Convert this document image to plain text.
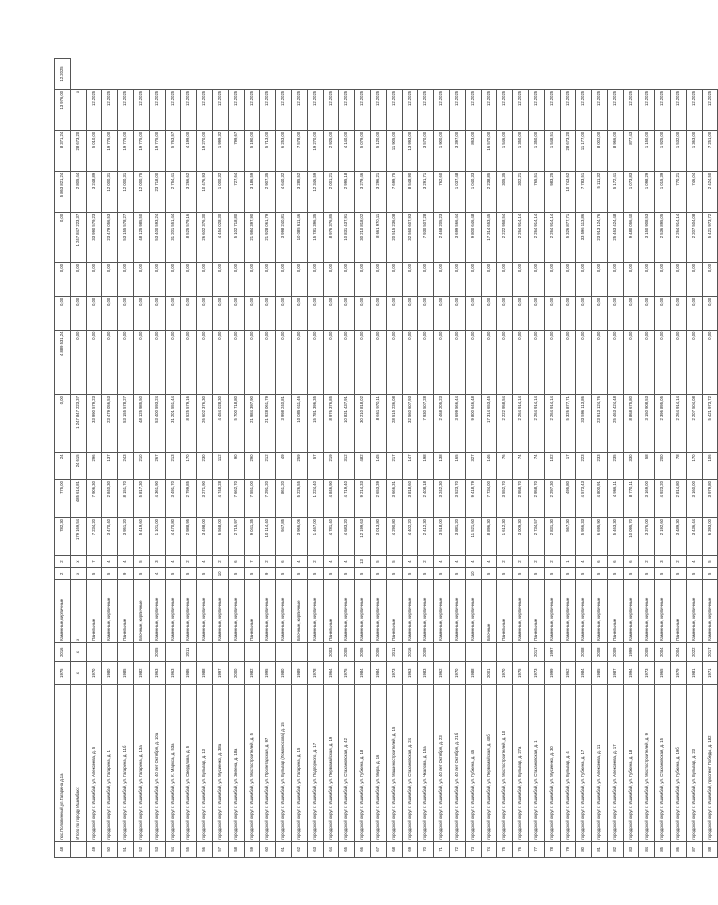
48	пос.Половинный,ул.Гагарина д.1а	1975	2016	Каменные,кирпичные	2	2	782,30	775,00	24	0,00	4 889 531,24	0,00	0,00	0,00	5 863 821,24	8 371,24	13 976,00	12.2025
	Итого по городу Ишимбаю:	х	х	х	х	х	179 169,54	485 614,81	24 615	1 247 847 223,37	0,00	0,00	0,00	1 247 847 223,37	2 805,44	28 673,20	х	
49	городской округ г. Ишимбай, ул. Алексеева, д. 5	1970		Панельные	5	7	7 234,20	7 906,30	296	33 990 579,23	0,00	0,00	0,00	33 990 579,23	3 248,89	5 010,00	12.2025	
50	городской округ г. Ишимбай, ул. Гагарина, д. 1	1980		Каменные, кирпичные	5	4	3 470,40	2 840,30	137	23 479 056,53	0,00	0,00	0,00	23 479 056,53	12 000,31	19 775,00	12.2025	
51	городской округ г. Ишимбай, ул. Гагарина, д. 11б	1985		Панельные	9	4	3 951,20	8 151,70	243	53 155 578,27	0,00	0,00	0,00	53 155 578,27	12 000,31	19 775,00	12.2025	
52	городской округ г. Ишимбай, ул. Гагарина, д. 13а	1982		Блочные, кирпичные	5	5	5 419,60	5 817,30	210	48 125 985,50	0,00	0,00	0,00	48 125 985,50	12 000,75	19 775,00	12.2025	
53	городской округ г. Ишимбай, ул. 40 лет Октября, д. 10а	1963	2005	Каменные, кирпичные	4	3	1 101,00	4 361,90	267	53 400 593,24	0,00	0,00	0,00	53 400 593,24	23 718,00	19 775,00	12.2025	
54	городской округ г. Ишимбай, ул. К. Маркса, д. 53а	1963		Каменные, кирпичные	5	4	4 470,80	3 491,70	213	31 201 551,44	0,00	0,00	0,00	31 201 551,44	2 754,41	5 763,57	12.2025	
55	городской округ г. Ишимбай, ул. Свердлова, д. 5	1986	2011	Каменные, кирпичные	5	2	2 988,95	2 799,85	170	8 525 579,16	0,00	0,00	0,00	8 525 579,16	3 266,62	4 199,00	12.2025	
56	городской округ г. Ишимбай, ул. Бульвар, д. 13	1988		Каменные, кирпичные	5	4	3 498,00	3 271,90	230	26 602 376,30	0,00	0,00	0,00	26 602 376,30	10 476,93	19 270,00	12.2025	
57	городской округ г. Ишимбай, ул. Мусиенко, д. 38а	1997		Каменные, кирпичные	10	2	6 568,00	4 748,28	112	4 454 028,30	0,00	0,00	0,00	4 454 028,30	1 000,32	1 999,32	12.2025	
58	городской округ г. Ишимбай, ул. Зелена, д. 18а	2000		Каменные, кирпичные	5	6	2 715,97	7 662,70	90	5 700 718,80	0,00	0,00	0,00	5 102 718,80	727,64	799,67	12.2025	
59	городской округ г. Ишимбай, ул. Мостостроителей, д. 5	1982		Панельные	5	7	9 041,35	7 551,00	290	21 984 397,90	0,00	0,00	0,00	21 984 397,90	3 186,59	5 190,00	12.2025	
60	городской округ г. Ишимбай, ул. Пролетарская, д. 97	1995		Каменные, кирпичные	9	2	10 114,40	7 291,20	212	21 928 061,79	0,00	0,00	0,00	21 928 061,79	2 907,35	5 713,00	12.2025	
61	городской округ г. Ишимбай, ул. Бульвар (Ломоносова) д. 15	1980		Каменные, кирпичные	5	6	947,85	861,20	49	3 998 240,81	0,00	0,00	0,00	3 998 240,81	4 640,32	6 253,00	12.2025	
62	городской округ г. Ишимбай, ул. Гагарина, д. 15	1989		Блочные, кирпичные	5	4	3 966,06	5 226,55	259	10 085 611,46	0,00	0,00	0,00	10 085 611,46	3 285,52	7 578,00	12.2025	
63	городской округ г. Ишимбай, ул. Подгорного, д. 17	1978		Каменные, кирпичные	5	2	1 467,00	1 224,40	57	15 781 396,35	0,00	0,00	0,00	15 781 396,35	12 346,59	19 270,00	12.2025	
64	городской округ г. Ишимбай, ул. Первомайская, д. 19	1964	2003	Панельные	5	4	4 781,40	4 846,90	219	8 976 376,85	0,00	0,00	0,00	8 976 376,85	2 001,21	2 925,00	12.2025	
65	городской округ г. Ишимбай, ул. Стахановская, д. 42	1975	2005	Каменные, кирпичные	5	4	4 683,20	4 719,40	312	10 831 437,91	0,00	0,00	0,00	10 831 437,91	2 995,18	4 140,00	12.2025	
66	городской округ г. Ишимбай, ул. Губкина, д. 18	1984	2006	Каменные, кирпичные	5	13	12 199,63	9 214,33	482	30 210 818,02	0,00	0,00	0,00	30 210 818,02	3 279,46	5 079,00	12.2025	
67	городской округ г. Ишимбай, ул. Мира, д. 16	1984	2006	Каменные, кирпичные	5	5	3 013,80	2 653,39	145	8 661 970,11	0,00	0,00	0,00	8 661 970,11	3 296,21	5 120,00	12.2025	
68	городской округ г. Ишимбай, ул. Машиностроителей, д. 15	1973	2011	Панельные	5	5	4 290,80	3 666,31	217	28 515 236,08	0,00	0,00	0,00	20 515 236,08	7 699,75	11 905,00	12.2025	
69	городской округ г. Ишимбай, ул. Стахановская, д. 24	1963	2016	Каменные, кирпичные	5	4	4 402,20	3 818,60	147	32 560 607,93	0,00	0,00	0,00	32 560 607,93	8 548,90	13 993,00	12.2025	
70	городской округ г. Ишимбай, ул. Чкалова, д. 15а	1983	2009	Каменные, кирпичные	5	2	2 412,30	2 408,18	198	7 930 507,28	0,00	0,00	0,00	7 930 507,28	3 291,71	3 570,00	12.2025	
71	городской округ г. Ишимбай, ул. 40 лет Октября, д. 23	1962		Каменные, кирпичные	5	4	3 518,00	3 242,30	138	2 468 205,23	0,00	0,00	0,00	2 468 205,23	762,60	1 900,00	12.2025	
72	городской округ г. Ишимбай, ул. 40 лет Октября, д. 21б	1970		Каменные, кирпичные	5	4	3 881,20	3 523,70	165	3 699 566,44	0,00	0,00	0,00	3 699 566,44	1 037,48	3 397,00	12.2025	
73	городской округ г. Ишимбай, ул. Губкина, д. 45	1988		Каменные, кирпичные	10	4	11 521,60	9 418,79	327	9 800 646,48	0,00	0,00	0,00	9 800 646,48	1 040,33	863,00	12.2025	
74	городской округ г. Ишимбай, ул. Первомайская, д. 40б	2001		Блочные	5	4	8 896,30	7 734,00	146	17 314 653,45	0,00	0,00	0,00	17 314 653,45	2 238,85	16 570,00	12.2025	
75	городской округ г. Ишимбай, ул. Мостостроителей, д. 10	1970		Панельные	5	2	1 612,30	3 552,70	76	2 222 958,54	0,00	0,00	0,00	2 222 958,54	305,35	1 546,00	12.2025	
76	городской округ г. Ишимбай, ул. Бульвар, д. 27а	1975		Каменные, кирпичные	5	2	3 009,30	2 958,70	74	2 264 914,14	0,00	0,00	0,00	2 264 914,14	302,21	1 350,00	12.2025	
77	городской округ г. Ишимбай, ул. Стахановская, д. 1	1973	2017	Панельные	5	2	2 734,57	2 958,70	74	2 264 914,14	0,00	0,00	0,00	2 264 914,14	765,51	1 350,00	12.2025	
78	городской округ г. Ишимбай, ул. Мусиенко, д. 30	1999	1997	Каменные, кирпичные	5	2	2 831,30	2 297,30	102	2 264 914,14	0,00	0,00	0,00	2 264 914,14	983,25	1 548,51	12.2025	
79	городской округ г. Ишимбай, ул. Бульвар, д. 4	1962		Каменные, кирпичные	5	1	567,30	495,80	17	5 326 877,71	0,00	0,00	0,00	5 326 877,71	10 743,62	28 673,20	12.2025	
80	городской округ г. Ишимбай, ул. Губкина, д. 17	1984	2008	Каменные, кирпичные	5	4	5 956,33	4 573,43	223	33 596 113,86	0,00	0,00	0,00	33 596 113,86	7 783,51	11 177,00	12.2025	
81	городской округ г. Ишимбай, ул. Алексеева, д. 11	1985	2008	Каменные, кирпичные	5	6	6 695,90	4 800,91	233	23 913 124,76	0,00	0,00	0,00	23 913 124,76	5 111,32	8 002,00	12.2025	
82	городской округ г. Ишимбай, ул. Алексеева, д. 17	1987	2009	Панельные	5	6	5 463,30	4 966,11	235	25 463 424,48	0,00	0,00	0,00	25 463 424,48	5 172,41	8 966,00	12.2025	
83	городской округ г. Ишимбай, ул. Губкина, д. 18	1994	1999	Каменные, кирпичные	5	6	10 095,70	8 770,11	330	8 868 675,80	0,00	0,00	0,00	9 480 056,40	1 073,83	877,43	12.2025	
84	городской округ г. Ишимбай, ул. Мостостроителей, д. 9	1973	2005	Каменные, кирпичные	5	2	3 376,00	3 169,00	58	3 150 908,53	0,00	0,00	0,00	3 150 908,53	1 098,29	1 150,00	12.2025	
85	городской округ г. Ишимбай, ул. Стахановская, д. 15	1965	2004	Каменные, кирпичные	5	3	2 192,60	4 923,20	200	2 396 895,05	0,00	0,00	0,00	2 536 895,05	1 015,39	1 925,00	12.2025	
86	городской округ г. Ишимбай, ул. Губкина, д. 19б	1979	2004	Панельные	5	2	3 489,30	2 814,80	78	2 264 914,14	0,00	0,00	0,00	2 264 914,14	770,21	1 532,00	12.2025	
87	городской округ г. Ишимбай, ул. Бульвар, д. 23	1981	2022	Каменные, кирпичные	5	4	3 436,44	3 160,00	170	2 207 504,08	0,00	0,00	0,00	2 207 504,08	746,04	1 363,00	12.2025	
88	городской округ г. Ишимбай, проспект Победы, д. 182	1971	2017	Каменные, кирпичные	5	5	6 393,00	3 979,80	106	5 421 973,72	0,00	0,00	0,00	5 421 973,72	2 424,50	7 251,00	12.2025	
